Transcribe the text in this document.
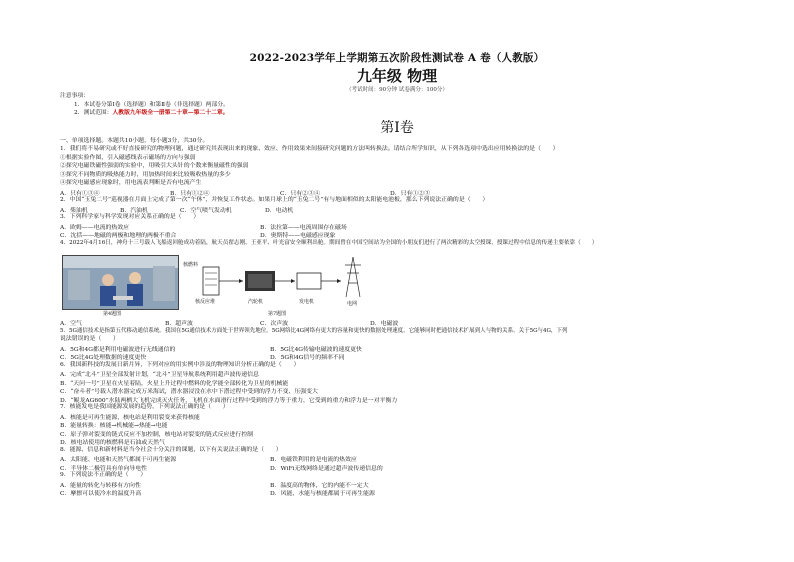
2022-2023学年上学期第五次阶段性测试卷 A 卷（人教版）
九年级 物理
（考试时间：90分钟 试卷满分：100分）
注意事项：
1．本试卷分第Ⅰ卷（选择题）和第Ⅱ卷（非选择题）两部分。
2．测试范围：人教版九年级全一册第二十章—第二十二章。
第Ⅰ卷
一、单项选择题。本题共10小题，每小题3分，共30分。
1．我们将不易研究或不好直接研究的物理问题，通过研究其表现出来的现象、效应、作用效果来间接研究问题的方法叫转换法。请结合所学知识，从下列各选项中选出应用转换法的是（　　）
①根据实验作图，引入磁感线表示磁场的方向与强弱
②探究电磁铁磁性强弱的实验中，用吸引大头针的个数来衡量磁性的强弱
③探究不同物质的吸热能力时，用加热时间来比较吸收热量的多少
④探究电磁感应现象时，用电流表判断是否有电流产生
A．只有①③④	B．只有①②④	C．只有②③④	D．只有①②③
2．中国“玉兔二号”巡视器在月面上完成了第一次“午休”，并恢复工作状态。如果月球上的“玉兔二号”有与地面相似的太阳能电池板，那么下列说法正确的是（　　）
A．柴油机	B．汽油机	C．空气喷气发动机	D．电动机
3．下列科学家与科学发现对应关系正确的是（　　）
A．欧姆——电流的热效应	B．法拉第——电流周围存在磁场
C．沈括——地磁的两极和地理的两极不重合	D．奥斯特——电磁感应现象
4．2022年4月16日，神舟十三号载人飞船返回舱成功着陆，航天员翟志刚、王亚平、叶光富安全顺利出舱。期间曾在中国空间站为全国的小朋友们进行了两次精彩的太空授课，授课过程中信息的传递主要依靠（　　）
第4题图
核燃料
核反应堆	汽轮机	发电机	电网
第7题图
A．空气	B．超声波	C．次声波	D．电磁波
5．5G通信技术是指第五代移动通信系统。我国在5G通信技术方面处于世界领先地位。5G网络比4G网络有更大的容量和更快的数据处理速度，它能够同时把通信技术扩展到人与物的关系。关于5G与4G，下列
说法错误的是（　　）
A．5G和4G都是利用电磁波进行无线通信的	B．5G比4G传输电磁波的速度更快
C．5G比4G处理数据的速度更快	D．5G和4G信号的频率不同
6．我国新科技的发展日新月异，下列对应的用实例中涉及的物理知识分析正确的是（　　）
A．完成“北斗”卫星全部发射计划，“北斗”卫星导航系统利用超声波传递信息
B．“天问一号”卫星在火星着陆，火星上升过程中燃料的化学能全部转化为卫星的机械能
C．“奋斗者”号载人潜水器完成万米海试，潜水器浸没在水中下潜过程中受到的浮力不变、压强变大
D．“鲲龙AG600”水陆两栖大飞机完成灭火任务，飞机在水面滑行过程中受到的浮力等于重力，它受到的重力和浮力是一对平衡力
7．核能发电是我国能源发展的趋势，下列说法正确的是（　　）
A．核能是可再生能源，核电站是利用裂变来获得核能
B．能量转换：核能→机械能→热能→电能
C．原子弹对裂变的链式反应不加控制，核电站对裂变的链式反应进行控制
D．核电站使用的核燃料是石油或天然气
8．能源、信息和新材料是当今社会十分关注的课题，以下有关说法正确的是（　　）
A．太阳能、电能和天然气都属于可再生能源	B．电磁铁利用的是电流的热效应
C．半导体二极管具有单向导电性	D．WiFi无线网络是通过超声波传递信息的
9．下列说法不正确的是（　　）
A．能量的转化与转移有方向性	B．温度高的物体，它的内能不一定大
C．摩擦可以使冷水的温度升高	D．风能、水能与核能都属于可再生能源
